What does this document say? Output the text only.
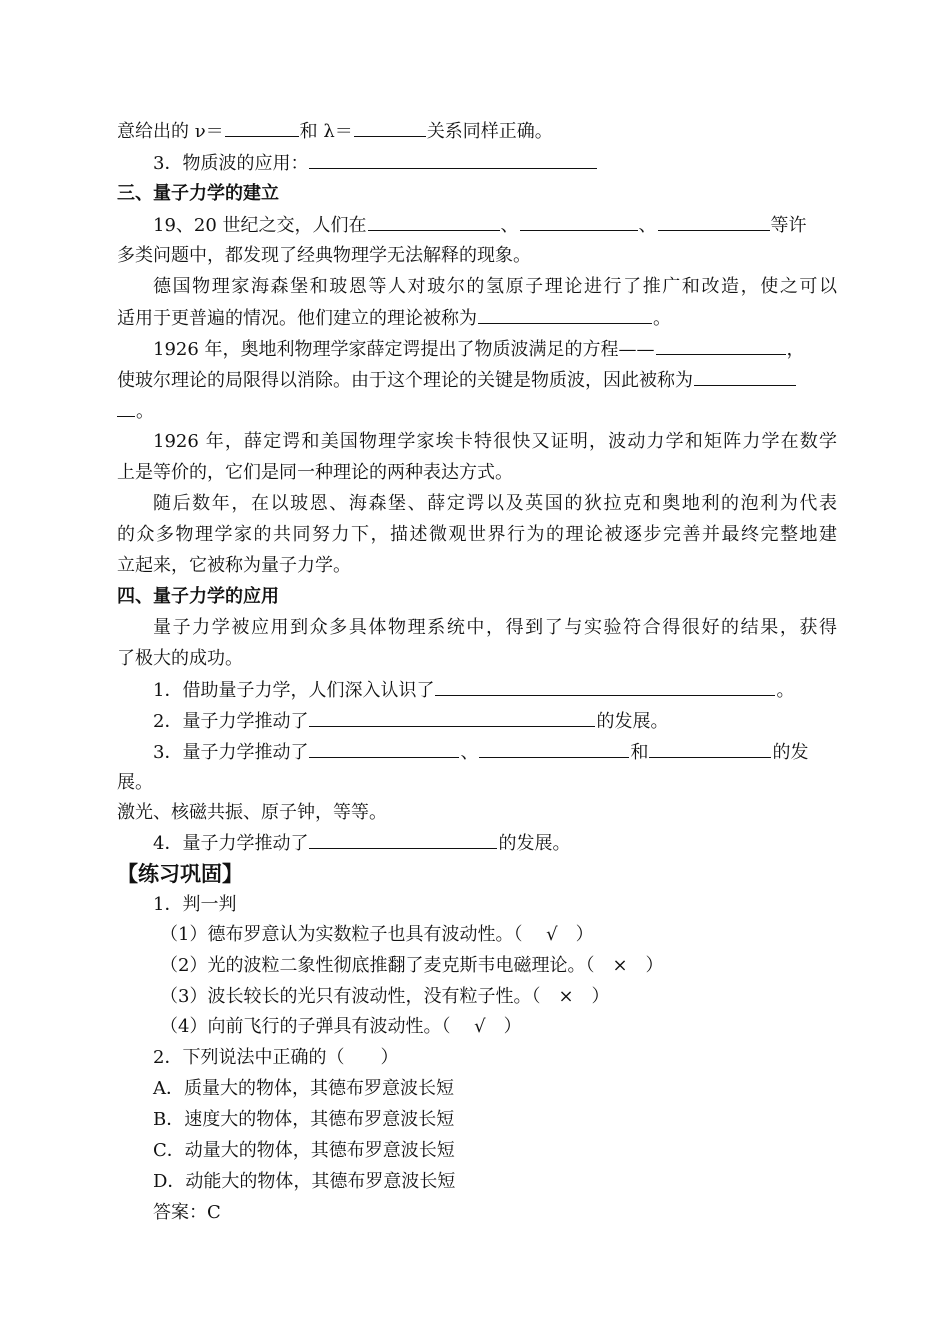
意给出的 ν＝	和 λ＝	关系同样正确。
3．物质波的应用：
三、量子力学的建立
19、20 世纪之交，人们在	、	、	等许
多类问题中，都发现了经典物理学无法解释的现象。
德国物理家海森堡和玻恩等人对玻尔的氢原子理论进行了推广和改造，使之可以
适用于更普遍的情况。他们建立的理论被称为	。
1926 年，奥地利物理学家薛定谔提出了物质波满足的方程——	，
使玻尔理论的局限得以消除。由于这个理论的关键是物质波，因此被称为
。
1926 年，薛定谔和美国物理学家埃卡特很快又证明，波动力学和矩阵力学在数学
上是等价的，它们是同一种理论的两种表达方式。
随后数年，在以玻恩、海森堡、薛定谔以及英国的狄拉克和奥地利的泡利为代表
的众多物理学家的共同努力下，描述微观世界行为的理论被逐步完善并最终完整地建
立起来，它被称为量子力学。
四、量子力学的应用
量子力学被应用到众多具体物理系统中，得到了与实验符合得很好的结果，获得
了极大的成功。
1．借助量子力学，人们深入认识了	。
2．量子力学推动了	的发展。
3．量子力学推动了	、	和	的发
展。
激光、核磁共振、原子钟，等等。
4．量子力学推动了	的发展。
【练习巩固】
1．判一判
（1）德布罗意认为实数粒子也具有波动性。（　 √　）
（2）光的波粒二象性彻底推翻了麦克斯韦电磁理论。（　×　）
（3）波长较长的光只有波动性，没有粒子性。（　×　）
（4）向前飞行的子弹具有波动性。（　 √　）
2．下列说法中正确的（　　）
A．质量大的物体，其德布罗意波长短
B．速度大的物体，其德布罗意波长短
C．动量大的物体，其德布罗意波长短
D．动能大的物体，其德布罗意波长短
答案：C
